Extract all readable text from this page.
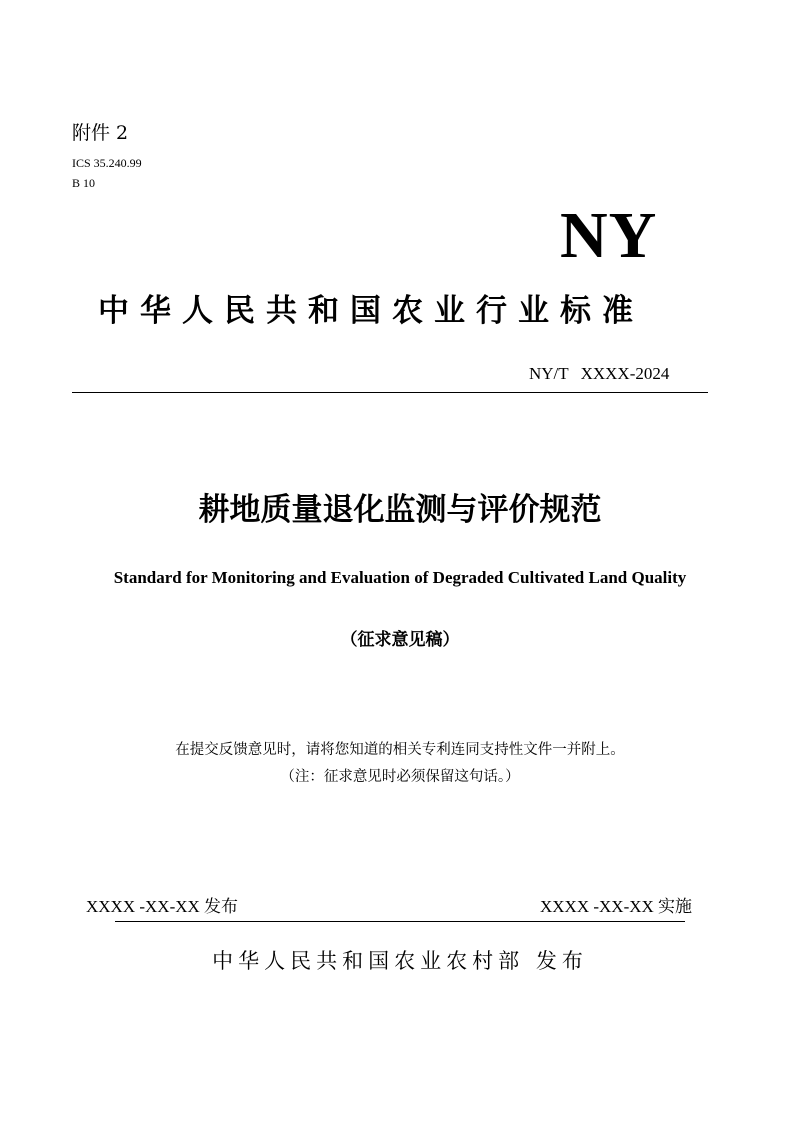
附件 2
ICS 35.240.99
B 10
NY
中华人民共和国农业行业标准
NY/T XXXX-2024
耕地质量退化监测与评价规范
Standard for Monitoring and Evaluation of Degraded Cultivated Land Quality
（征求意见稿）
在提交反馈意见时，请将您知道的相关专利连同支持性文件一并附上。
（注：征求意见时必须保留这句话。）
XXXX -XX-XX 发布	XXXX -XX-XX 实施
中华人民共和国农业农村部 发布
